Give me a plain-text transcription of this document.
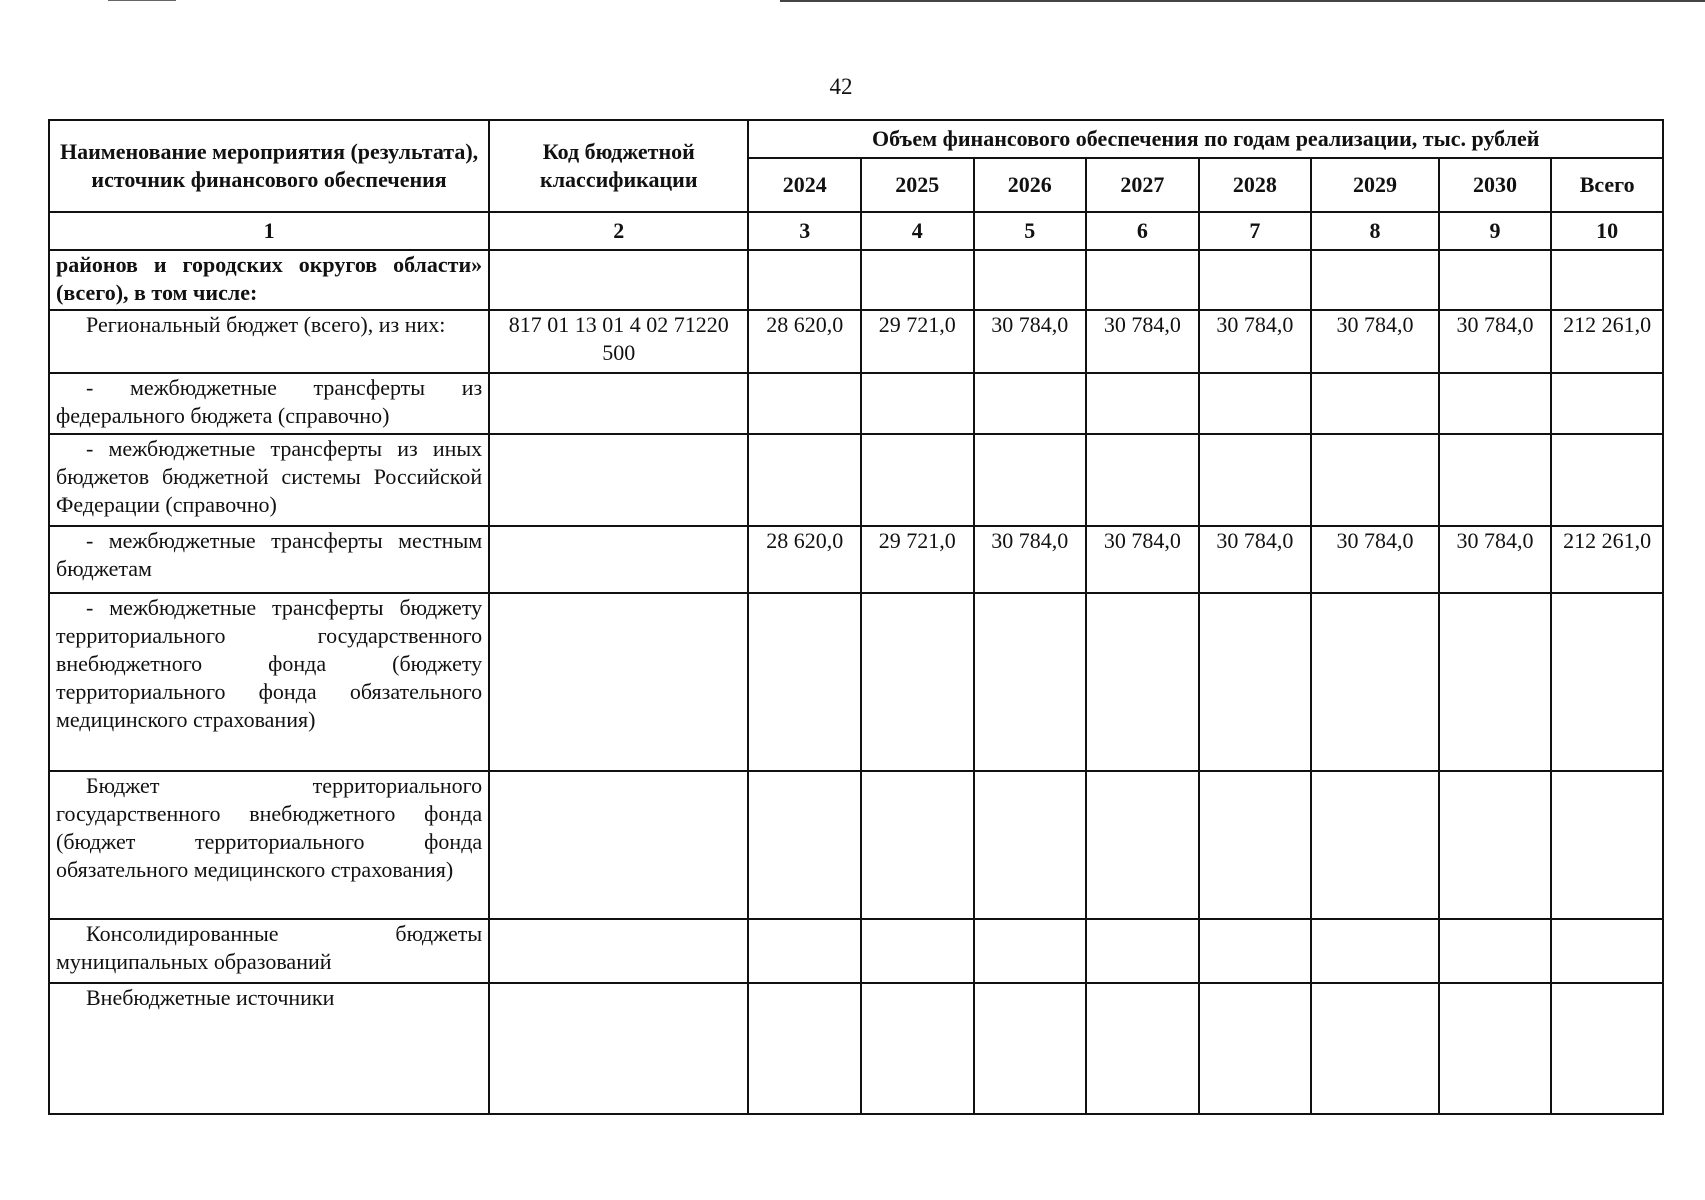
42
Наименование мероприятия (результата), источник финансового обеспечения	Код бюджетной классификации	Объем финансового обеспечения по годам реализации, тыс. рублей							
		2024	2025	2026	2027	2028	2029	2030	Всего
1	2	3	4	5	6	7	8	9	10
районов и городских округов области» (всего), в том числе:									
Региональный бюджет (всего), из них:	817 01 13 01 4 02 71220 500	28 620,0	29 721,0	30 784,0	30 784,0	30 784,0	30 784,0	30 784,0	212 261,0
- межбюджетные трансферты из федерального бюджета (справочно)									
- межбюджетные трансферты из иных бюджетов бюджетной системы Российской Федерации (справочно)									
- межбюджетные трансферты местным бюджетам		28 620,0	29 721,0	30 784,0	30 784,0	30 784,0	30 784,0	30 784,0	212 261,0
- межбюджетные трансферты бюджету территориального государственного внебюджетного фонда (бюджету территориального фонда обязательного медицинского страхования)									
Бюджет территориального государственного внебюджетного фонда (бюджет территориального фонда обязательного медицинского страхования)									
Консолидированные бюджеты муниципальных образований									
Внебюджетные источники									
